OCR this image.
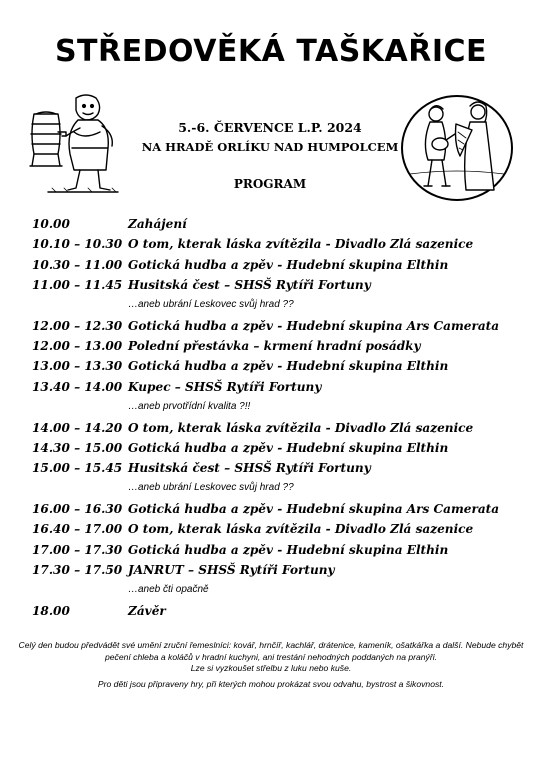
STŘEDOVĚKÁ TAŠKAŘICE
5.-6. ČERVENCE L.P. 2024
NA HRADĚ ORLÍKU NAD HUMPOLCEM
PROGRAM
10.00	Zahájení
10.10 – 10.30 O tom, kterak láska zvítězila - Divadlo Zlá sazenice
10.30 – 11.00 Gotická hudba a zpěv - Hudební skupina Elthin
11.00 – 11.45 Husitská čest – SHSŠ Rytíři Fortuny
…aneb ubrání Leskovec svůj hrad ??
12.00 – 12.30 Gotická hudba a zpěv - Hudební skupina Ars Camerata
12.00 – 13.00 Polední přestávka – krmení hradní posádky
13.00 – 13.30 Gotická hudba a zpěv - Hudební skupina Elthin
13.40 – 14.00 Kupec – SHSŠ Rytíři Fortuny
…aneb prvotřídní kvalita ?!!
14.00 – 14.20 O tom, kterak láska zvítězila - Divadlo Zlá sazenice
14.30 – 15.00 Gotická hudba a zpěv - Hudební skupina Elthin
15.00 – 15.45 Husitská čest – SHSŠ Rytíři Fortuny
…aneb ubrání Leskovec svůj hrad ??
16.00 – 16.30 Gotická hudba a zpěv - Hudební skupina Ars Camerata
16.40 – 17.00 O tom, kterak láska zvítězila - Divadlo Zlá sazenice
17.00 – 17.30 Gotická hudba a zpěv - Hudební skupina Elthin
17.30 – 17.50 JANRUT – SHSŠ Rytíři Fortuny
…aneb čti opačně
18.00	Závěr

Celý den budou předvádět své umění zruční řemeslníci: kovář, hrnčíř, kachlář, drátenice, kameník, ošatkářka a další. Nebude chybět pečení chleba a koláčů v hradní kuchyni, ani trestání nehodných poddaných na pranýři.

Lze si vyzkoušet střelbu z luku nebo kuše.

Pro děti jsou připraveny hry, při kterých mohou prokázat svou odvahu, bystrost a šikovnost.
